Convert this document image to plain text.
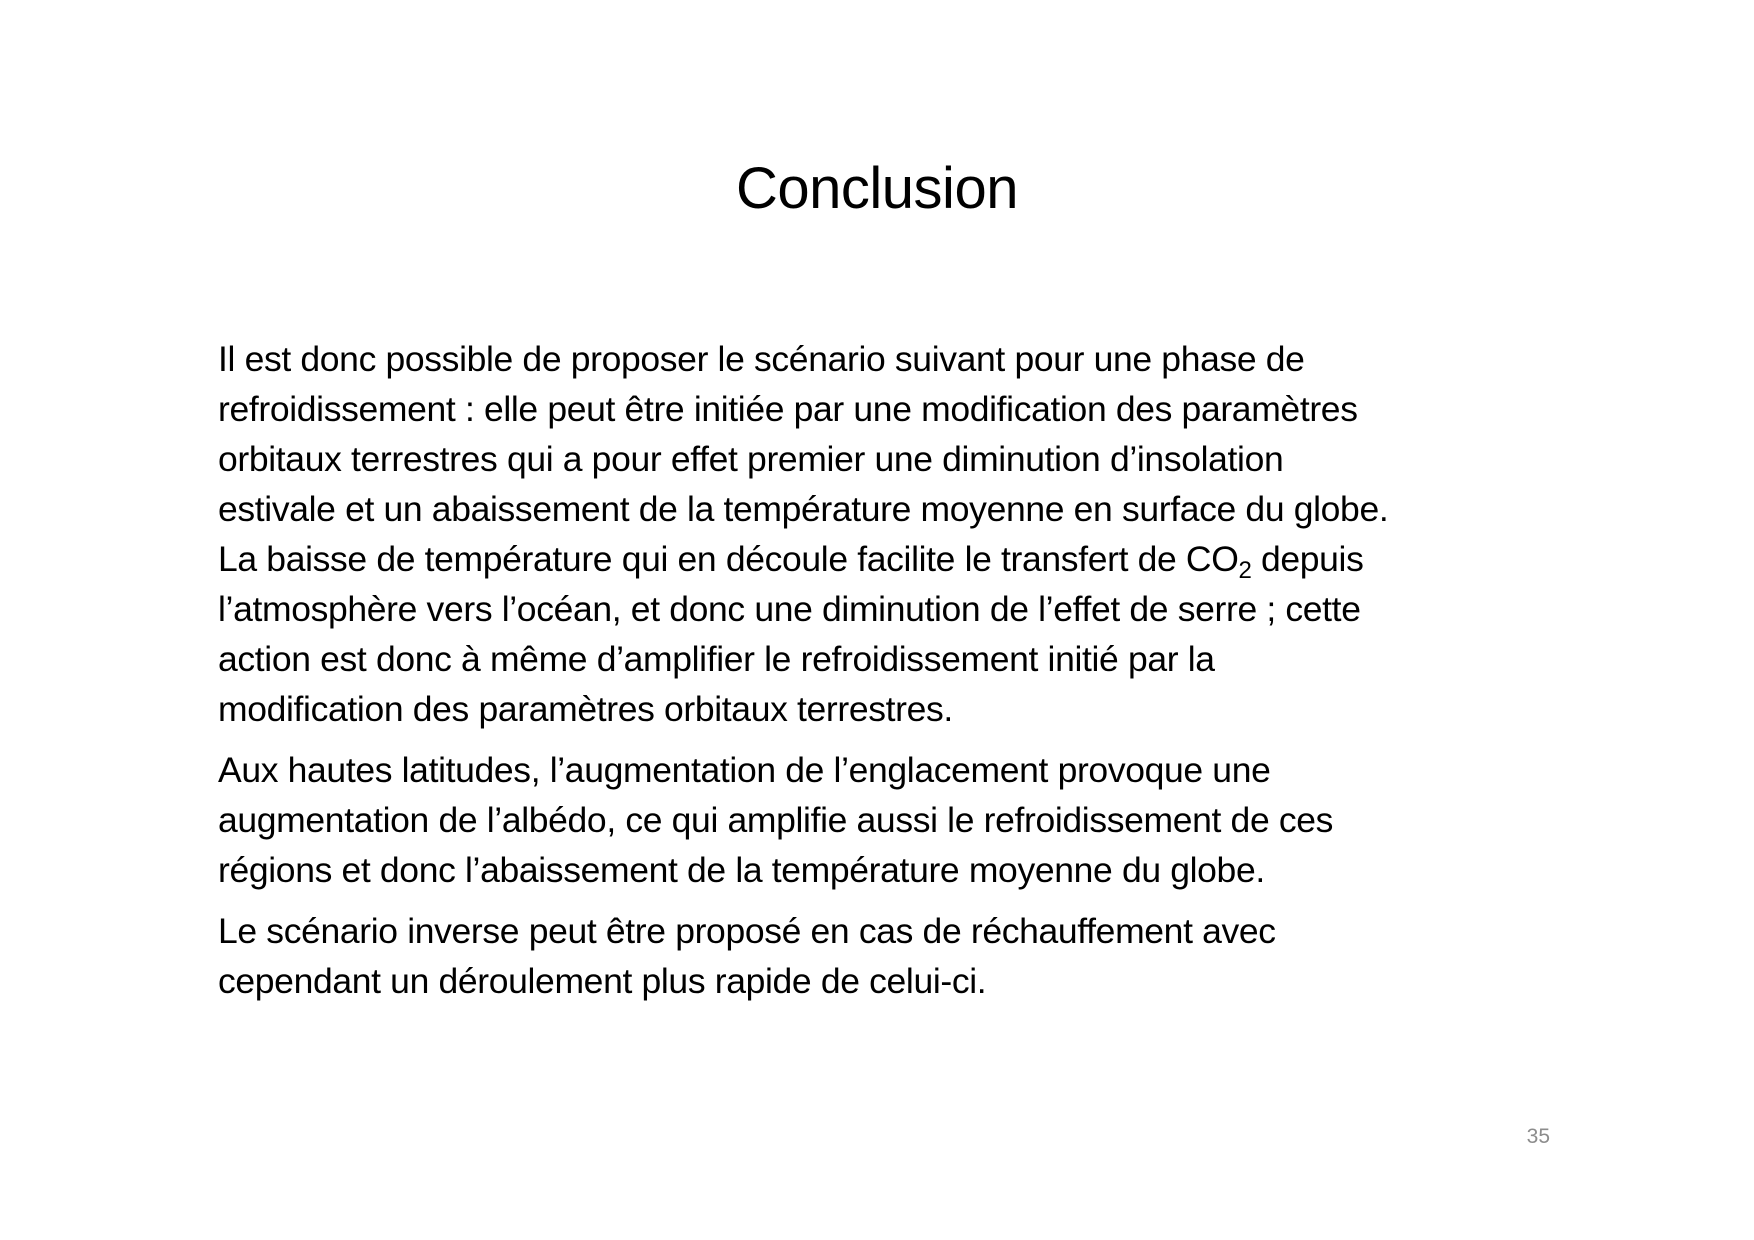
Conclusion

Il est donc possible de proposer le scénario suivant pour une phase de
refroidissement : elle peut être initiée par une modification des paramètres
orbitaux terrestres qui a pour effet premier une diminution d’insolation
estivale et un abaissement de la température moyenne en surface du globe.
La baisse de température qui en découle facilite le transfert de $CO_2$ depuis
l’atmosphère vers l’océan, et donc une diminution de l’effet de serre ; cette
action est donc à même d’amplifier le refroidissement initié par la
modification des paramètres orbitaux terrestres.

Aux hautes latitudes, l’augmentation de l’englacement provoque une
augmentation de l’albédo, ce qui amplifie aussi le refroidissement de ces
régions et donc l’abaissement de la température moyenne du globe.

Le scénario inverse peut être proposé en cas de réchauffement avec
cependant un déroulement plus rapide de celui-ci.

35
